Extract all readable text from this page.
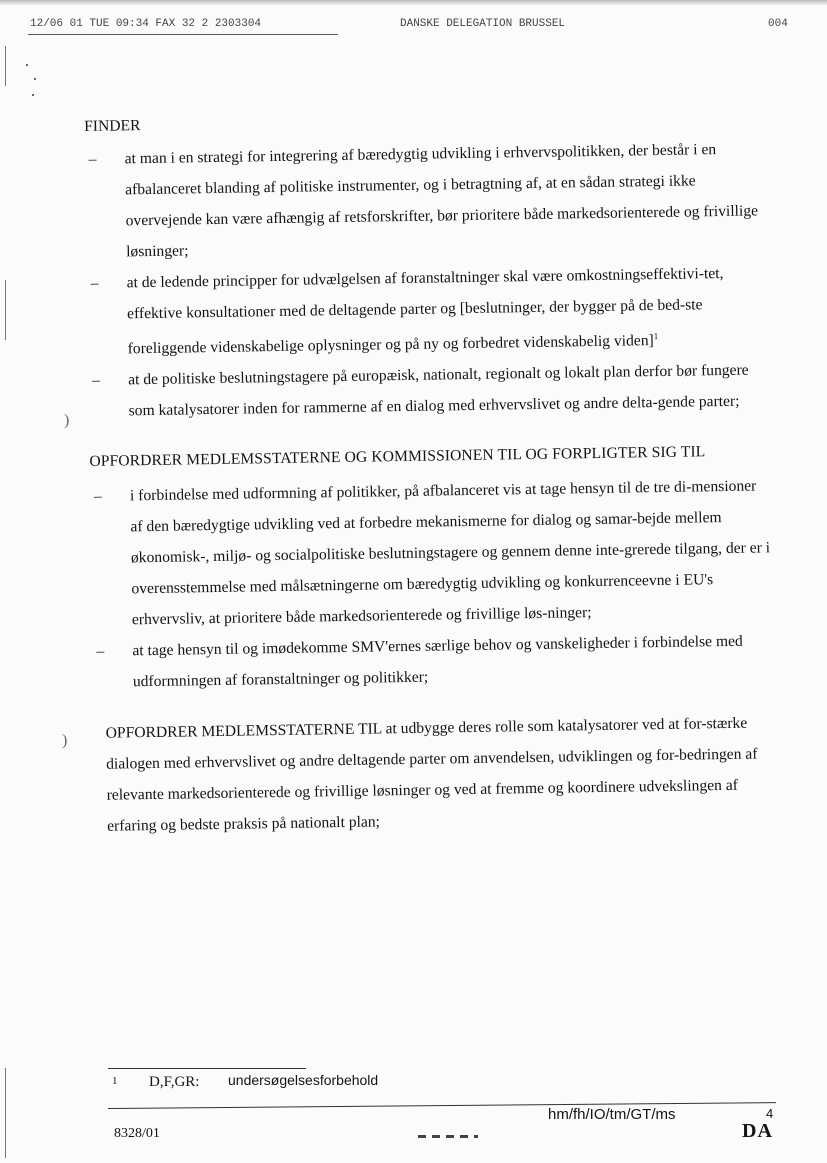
12/06 01 TUE 09:34 FAX 32 2 2303304	DANSKE DELEGATION BRUSSEL	004
)
)

FINDER

– at man i en strategi for integrering af bæredygtig udvikling i erhvervspolitikken, der består i en afbalanceret blanding af politiske instrumenter, og i betragtning af, at en sådan strategi ikke overvejende kan være afhængig af retsforskrifter, bør prioritere både markedsorienterede og frivillige løsninger;
– at de ledende principper for udvælgelsen af foranstaltninger skal være omkostningseffektivi-tet, effektive konsultationer med de deltagende parter og [beslutninger, der bygger på de bed-ste foreliggende videnskabelige oplysninger og på ny og forbedret videnskabelig viden]$^1$
– at de politiske beslutningstagere på europæisk, nationalt, regionalt og lokalt plan derfor bør fungere som katalysatorer inden for rammerne af en dialog med erhvervslivet og andre delta-gende parter;

OPFORDRER MEDLEMSSTATERNE OG KOMMISSIONEN TIL OG FORPLIGTER SIG TIL

– i forbindelse med udformning af politikker, på afbalanceret vis at tage hensyn til de tre di-mensioner af den bæredygtige udvikling ved at forbedre mekanismerne for dialog og samar-bejde mellem økonomisk-, miljø- og socialpolitiske beslutningstagere og gennem denne inte-grerede tilgang, der er i overensstemmelse med målsætningerne om bæredygtig udvikling og konkurrenceevne i EU's erhvervsliv, at prioritere både markedsorienterede og frivillige løs-ninger;
– at tage hensyn til og imødekomme SMV'ernes særlige behov og vanskeligheder i forbindelse med udformningen af foranstaltninger og politikker;

OPFORDRER MEDLEMSSTATERNE TIL at udbygge deres rolle som katalysatorer ved at for-stærke dialogen med erhvervslivet og andre deltagende parter om anvendelsen, udviklingen og for-bedringen af relevante markedsorienterede og frivillige løsninger og ved at fremme og koordinere udvekslingen af erfaring og bedste praksis på nationalt plan;

1 D,F,GR: undersøgelsesforbehold
8328/01
hm/fh/IO/tm/GT/ms	4
DA
